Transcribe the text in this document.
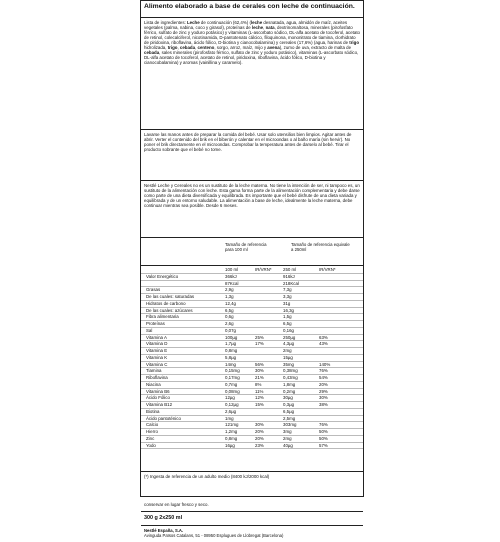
Alimento elaborado a base de cerales con leche de continuación.
Lista de ingredientes: Leche de continuación (62,4%) (leche desnatada, agua, almidón de maíz, aceites vegetales (palma, nabina, coco y girasol), proteínas de leche, nata, dextrinomaltosa, minerales (pirofosfato férrico, sulfato de zinc y yoduro potásico) y vitaminas (L-ascorbato sódico, DL-alfa acetato de tocoferol, acetato de retinol, colecalciferol, nicotinamida, D-pantotenato cálcico, filoquinona, mononitrato de tiamina, clorhidrato de piridoxina, riboflavina, ácido fólico, D-biotina y cianocobalamina) y cereales (17,6%) (agua, harinas de trigo hidrolizada, trigo, cebada, centeno, sorgo, arroz, maíz, mijo y avena), zumo de uva, extracto de malta de cebada, sales minerales (pirofosfato férrico, sulfato de zinc y yoduro potásico), vitaminas (L-ascorbato sódico, DL-alfa acetato de tocoferol, acetato de retinol, piridoxina, riboflavina, ácido fólico, D-biotina y cianocobalamina) y aromas (vainillina y caramelo).
Lavarse las manos antes de preparar la comida del bebé. Usar solo utensilios bien limpios. Agitar antes de abrir. Verter el contenido del brik en el biberón y calentar en el microondas o al baño maría (sin hervir). No poner el brik directamente en el microondas. Comprobar la temperatura antes de darselo al bebé. Tirar el producto sobrante que el bebé no tome.
Nestlé Leche y Cereales no es un sustituto de la leche materna. No tiene la intención de ser, ni tampoco es, un sustituto de la alimentación con leche. Esta gama forma parte de la alimentación complementaria y debe darse como parte de una dieta diversificada y equilibrada. Es importante que el bebé disfrute de una dieta variada y equilibrada y de un entorno saludable. La alimentación a base de leche, idealmente la leche materna, debe continuar mientras sea posible. Desde 6 meses.
Tamaño de referencia para 100 ml
Tamaño de referencia equivale a 250ml
100 ml	IR/VRN*	250 ml	IR/VRN*
Valor Energético	366kJ	916kJ
87Kcal	218Kcal
Grasas	2,9g	7,3g
De las cuales: saturadas	1,3g	3,3g
Hidratos de carbono	12,4g	31g
De las cuales: azúcares	6,5g	16,3g
Fibra alimentaria	0,6g	1,5g
Proteínas	2,6g	6,5g
Sal	0,07g	0,16g
Vitamina A	100µg	25%	250µg	63%
Vitamina D	1,7µg	17%	4,3µg	43%
Vitamina E	0,8mg	2mg
Vitamina K	5,8µg	15µg
Vitamina C	14mg	56%	35mg	140%
Tiamina	0,15mg	30%	0,38mg	76%
Riboflavina	0,17mg	21%	0,43mg	54%
Niacina	0,7mg	8%	1,8mg	20%
Vitamina B6	0,08mg	11%	0,2mg	29%
Ácido Fólico	12µg	12%	30µg	30%
Vitamina B12	0,12µg	15%	0,3µg	38%
Biotina	2,6µg	6,5µg
Ácido pantoténico	1mg	2,5mg
Calcio	121mg	30%	303mg	76%
Hierro	1,2mg	20%	3mg	50%
Zinc	0,8mg	20%	2mg	50%
Yodo	16µg	23%	40µg	57%
(*) Ingesta de referencia de un adulto medio (8400 kJ/2000 kcal)
conservar en lugar fresco y seco.
300 g 2x250 ml
Nestlé España, S.A.
Avinguda Països Catalans, 51 - 08950 Esplugues de Llobregat (Barcelona)
